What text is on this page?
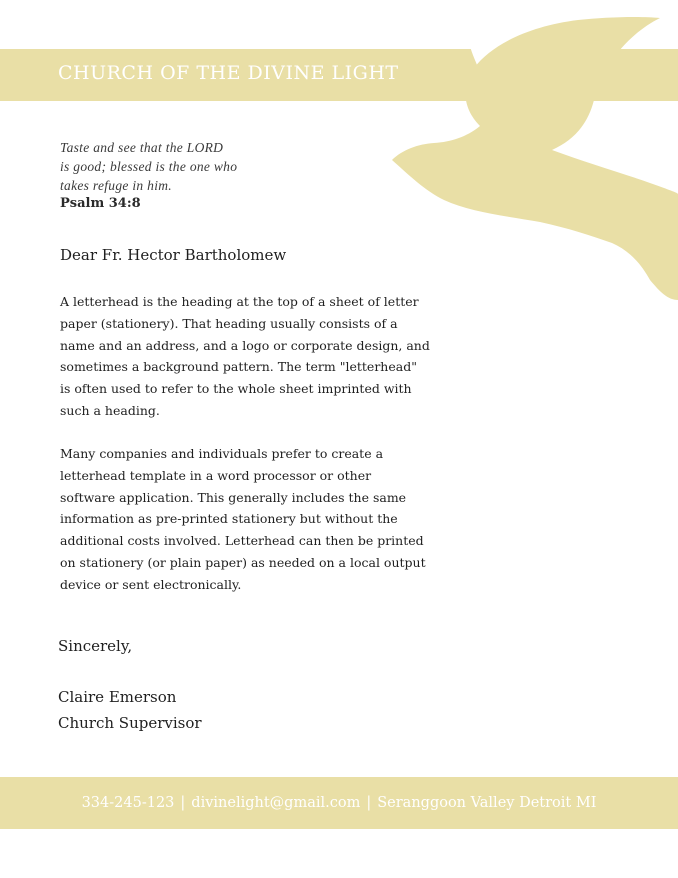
CHURCH OF THE DIVINE LIGHT
Taste and see that the LORD
is good; blessed is the one who
takes refuge in him.
Psalm 34:8
Dear Fr. Hector Bartholomew
A letterhead is the heading at the top of a sheet of letter paper (stationery). That heading usually consists of a name and an address, and a logo or corporate design, and sometimes a background pattern. The term "letterhead" is often used to refer to the whole sheet imprinted with such a heading.
Many companies and individuals prefer to create a letterhead template in a word processor or other software application. This generally includes the same information as pre-printed stationery but without the additional costs involved. Letterhead can then be printed on stationery (or plain paper) as needed on a local output device or sent electronically.
Sincerely,
Claire Emerson
Church Supervisor
334-245-123 | divinelight@gmail.com | Seranggoon Valley Detroit MI
